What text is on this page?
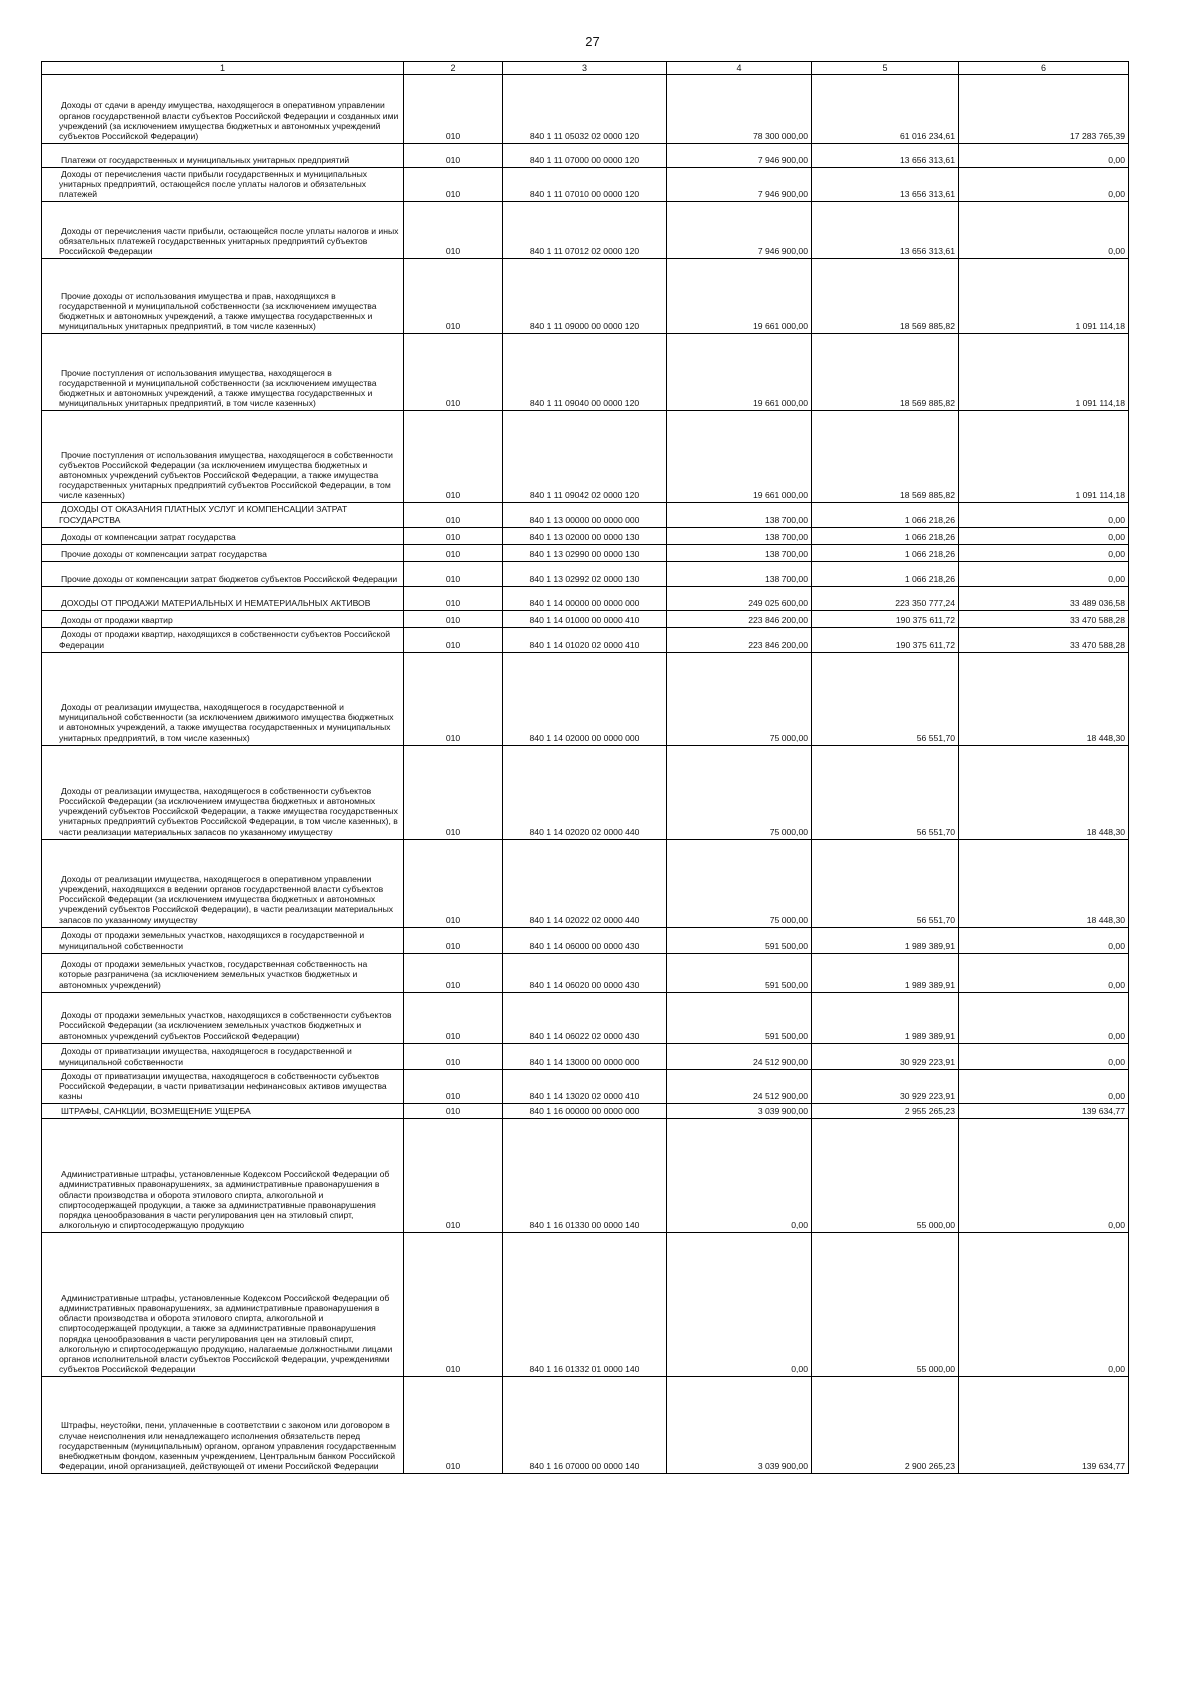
27
1	2	3	4	5	6

Доходы от сдачи в аренду имущества, находящегося в оперативном управлении органов государственной власти субъектов Российской Федерации и созданных ими учреждений (за исключением имущества бюджетных и автономных учреждений субъектов Российской Федерации)	010	840 1 11 05032 02 0000 120	78 300 000,00	61 016 234,61	17 283 765,39

Платежи от государственных и муниципальных унитарных предприятий	010	840 1 11 07000 00 0000 120	7 946 900,00	13 656 313,61	0,00

Доходы от перечисления части прибыли государственных и муниципальных унитарных предприятий, остающейся после уплаты налогов и обязательных платежей	010	840 1 11 07010 00 0000 120	7 946 900,00	13 656 313,61	0,00

Доходы от перечисления части прибыли, остающейся после уплаты налогов и иных обязательных платежей государственных унитарных предприятий субъектов Российской Федерации	010	840 1 11 07012 02 0000 120	7 946 900,00	13 656 313,61	0,00

Прочие доходы от использования имущества и прав, находящихся в государственной и муниципальной собственности (за исключением имущества бюджетных и автономных учреждений, а также имущества государственных и муниципальных унитарных предприятий, в том числе казенных)	010	840 1 11 09000 00 0000 120	19 661 000,00	18 569 885,82	1 091 114,18

Прочие поступления от использования имущества, находящегося в государственной и муниципальной собственности (за исключением имущества бюджетных и автономных учреждений, а также имущества государственных и муниципальных унитарных предприятий, в том числе казенных)	010	840 1 11 09040 00 0000 120	19 661 000,00	18 569 885,82	1 091 114,18

Прочие поступления от использования имущества, находящегося в собственности субъектов Российской Федерации (за исключением имущества бюджетных и автономных учреждений субъектов Российской Федерации, а также имущества государственных унитарных предприятий субъектов Российской Федерации, в том числе казенных)	010	840 1 11 09042 02 0000 120	19 661 000,00	18 569 885,82	1 091 114,18

ДОХОДЫ ОТ ОКАЗАНИЯ ПЛАТНЫХ УСЛУГ И КОМПЕНСАЦИИ ЗАТРАТ ГОСУДАРСТВА	010	840 1 13 00000 00 0000 000	138 700,00	1 066 218,26	0,00

Доходы от компенсации затрат государства	010	840 1 13 02000 00 0000 130	138 700,00	1 066 218,26	0,00

Прочие доходы от компенсации затрат государства	010	840 1 13 02990 00 0000 130	138 700,00	1 066 218,26	0,00

Прочие доходы от компенсации затрат бюджетов субъектов Российской Федерации	010	840 1 13 02992 02 0000 130	138 700,00	1 066 218,26	0,00

ДОХОДЫ ОТ ПРОДАЖИ МАТЕРИАЛЬНЫХ И НЕМАТЕРИАЛЬНЫХ АКТИВОВ	010	840 1 14 00000 00 0000 000	249 025 600,00	223 350 777,24	33 489 036,58

Доходы от продажи квартир	010	840 1 14 01000 00 0000 410	223 846 200,00	190 375 611,72	33 470 588,28

Доходы от продажи квартир, находящихся в собственности субъектов Российской Федерации	010	840 1 14 01020 02 0000 410	223 846 200,00	190 375 611,72	33 470 588,28

Доходы от реализации имущества, находящегося в государственной и муниципальной собственности (за исключением движимого имущества бюджетных и автономных учреждений, а также имущества государственных и муниципальных унитарных предприятий, в том числе казенных)	010	840 1 14 02000 00 0000 000	75 000,00	56 551,70	18 448,30

Доходы от реализации имущества, находящегося в собственности субъектов Российской Федерации (за исключением имущества бюджетных и автономных учреждений субъектов Российской Федерации, а также имущества государственных унитарных предприятий субъектов Российской Федерации, в том числе казенных), в части реализации материальных запасов по указанному имуществу	010	840 1 14 02020 02 0000 440	75 000,00	56 551,70	18 448,30

Доходы от реализации имущества, находящегося в оперативном управлении учреждений, находящихся в ведении органов государственной власти субъектов Российской Федерации (за исключением имущества бюджетных и автономных учреждений субъектов Российской Федерации), в части реализации материальных запасов по указанному имуществу	010	840 1 14 02022 02 0000 440	75 000,00	56 551,70	18 448,30

Доходы от продажи земельных участков, находящихся в государственной и муниципальной собственности	010	840 1 14 06000 00 0000 430	591 500,00	1 989 389,91	0,00

Доходы от продажи земельных участков, государственная собственность на которые разграничена (за исключением земельных участков бюджетных и автономных учреждений)	010	840 1 14 06020 00 0000 430	591 500,00	1 989 389,91	0,00

Доходы от продажи земельных участков, находящихся в собственности субъектов Российской Федерации (за исключением земельных участков бюджетных и автономных учреждений субъектов Российской Федерации)	010	840 1 14 06022 02 0000 430	591 500,00	1 989 389,91	0,00

Доходы от приватизации имущества, находящегося в государственной и муниципальной собственности	010	840 1 14 13000 00 0000 000	24 512 900,00	30 929 223,91	0,00

Доходы от приватизации имущества, находящегося в собственности субъектов Российской Федерации, в части приватизации нефинансовых активов имущества казны	010	840 1 14 13020 02 0000 410	24 512 900,00	30 929 223,91	0,00

ШТРАФЫ, САНКЦИИ, ВОЗМЕЩЕНИЕ УЩЕРБА	010	840 1 16 00000 00 0000 000	3 039 900,00	2 955 265,23	139 634,77

Административные штрафы, установленные Кодексом Российской Федерации об административных правонарушениях, за административные правонарушения в области производства и оборота этилового спирта, алкогольной и спиртосодержащей продукции, а также за административные правонарушения порядка ценообразования в части регулирования цен на этиловый спирт, алкогольную и спиртосодержащую продукцию	010	840 1 16 01330 00 0000 140	0,00	55 000,00	0,00

Административные штрафы, установленные Кодексом Российской Федерации об административных правонарушениях, за административные правонарушения в области производства и оборота этилового спирта, алкогольной и спиртосодержащей продукции, а также за административные правонарушения порядка ценообразования в части регулирования цен на этиловый спирт, алкогольную и спиртосодержащую продукцию, налагаемые должностными лицами органов исполнительной власти субъектов Российской Федерации, учреждениями субъектов Российской Федерации	010	840 1 16 01332 01 0000 140	0,00	55 000,00	0,00

Штрафы, неустойки, пени, уплаченные в соответствии с законом или договором в случае неисполнения или ненадлежащего исполнения обязательств перед государственным (муниципальным) органом, органом управления государственным внебюджетным фондом, казенным учреждением, Центральным банком Российской Федерации, иной организацией, действующей от имени Российской Федерации	010	840 1 16 07000 00 0000 140	3 039 900,00	2 900 265,23	139 634,77
